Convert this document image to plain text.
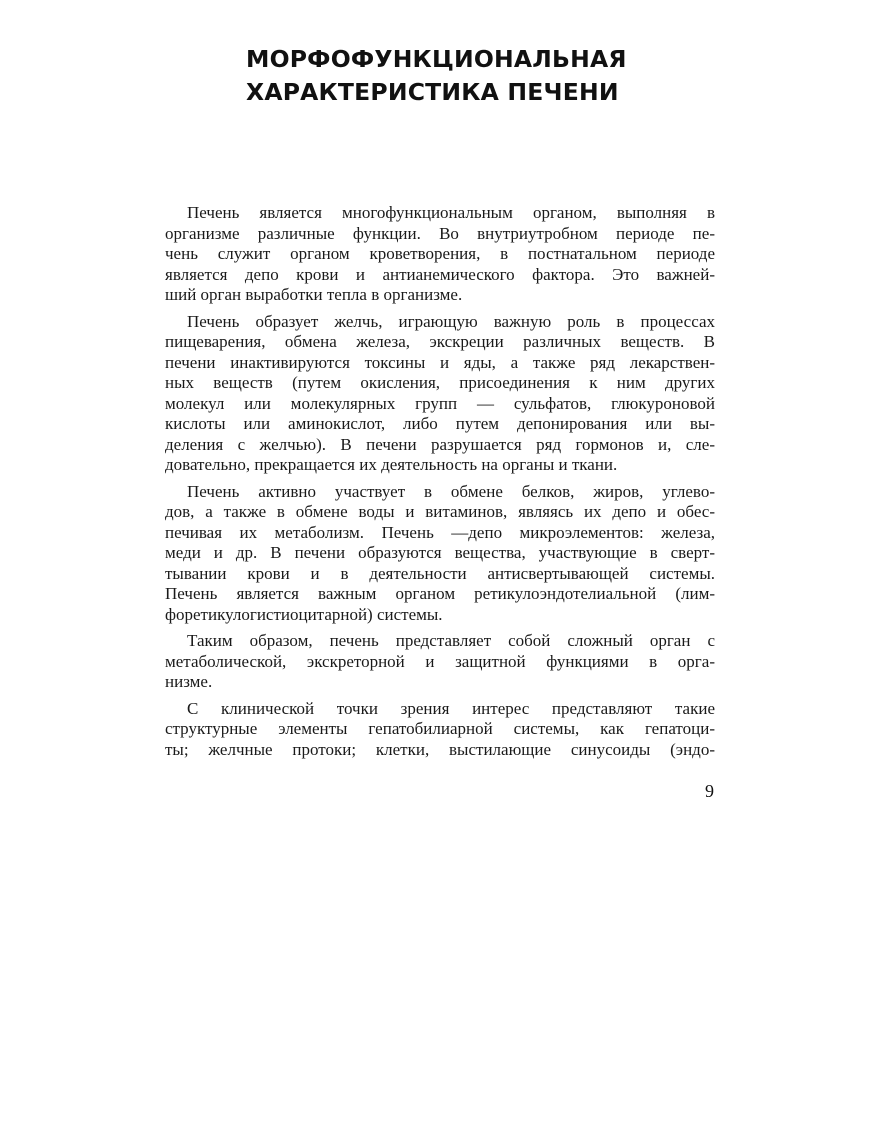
МОРФОФУНКЦИОНАЛЬНАЯ
ХАРАКТЕРИСТИКА ПЕЧЕНИ
Печень является многофункциональным органом, выполняя в
организме различные функции. Во внутриутробном периоде пе-
чень служит органом кроветворения, в постнатальном периоде
является депо крови и антианемического фактора. Это важней-
ший орган выработки тепла в организме.
Печень образует желчь, играющую важную роль в процессах
пищеварения, обмена железа, экскреции различных веществ. В
печени инактивируются токсины и яды, а также ряд лекарствен-
ных веществ (путем окисления, присоединения к ним других
молекул или молекулярных групп — сульфатов, глюкуроновой
кислоты или аминокислот, либо путем депонирования или вы-
деления с желчью). В печени разрушается ряд гормонов и, сле-
довательно, прекращается их деятельность на органы и ткани.
Печень активно участвует в обмене белков, жиров, углево-
дов, а также в обмене воды и витаминов, являясь их депо и обес-
печивая их метаболизм. Печень —депо микроэлементов: железа,
меди и др. В печени образуются вещества, участвующие в сверт-
тывании крови и в деятельности антисвертывающей системы.
Печень является важным органом ретикулоэндотелиальной (лим-
форетикулогистиоцитарной) системы.
Таким образом, печень представляет собой сложный орган с
метаболической, экскреторной и защитной функциями в орга-
низме.
С клинической точки зрения интерес представляют такие
структурные элементы гепатобилиарной системы, как гепатоци-
ты; желчные протоки; клетки, выстилающие синусоиды (эндо-
9
